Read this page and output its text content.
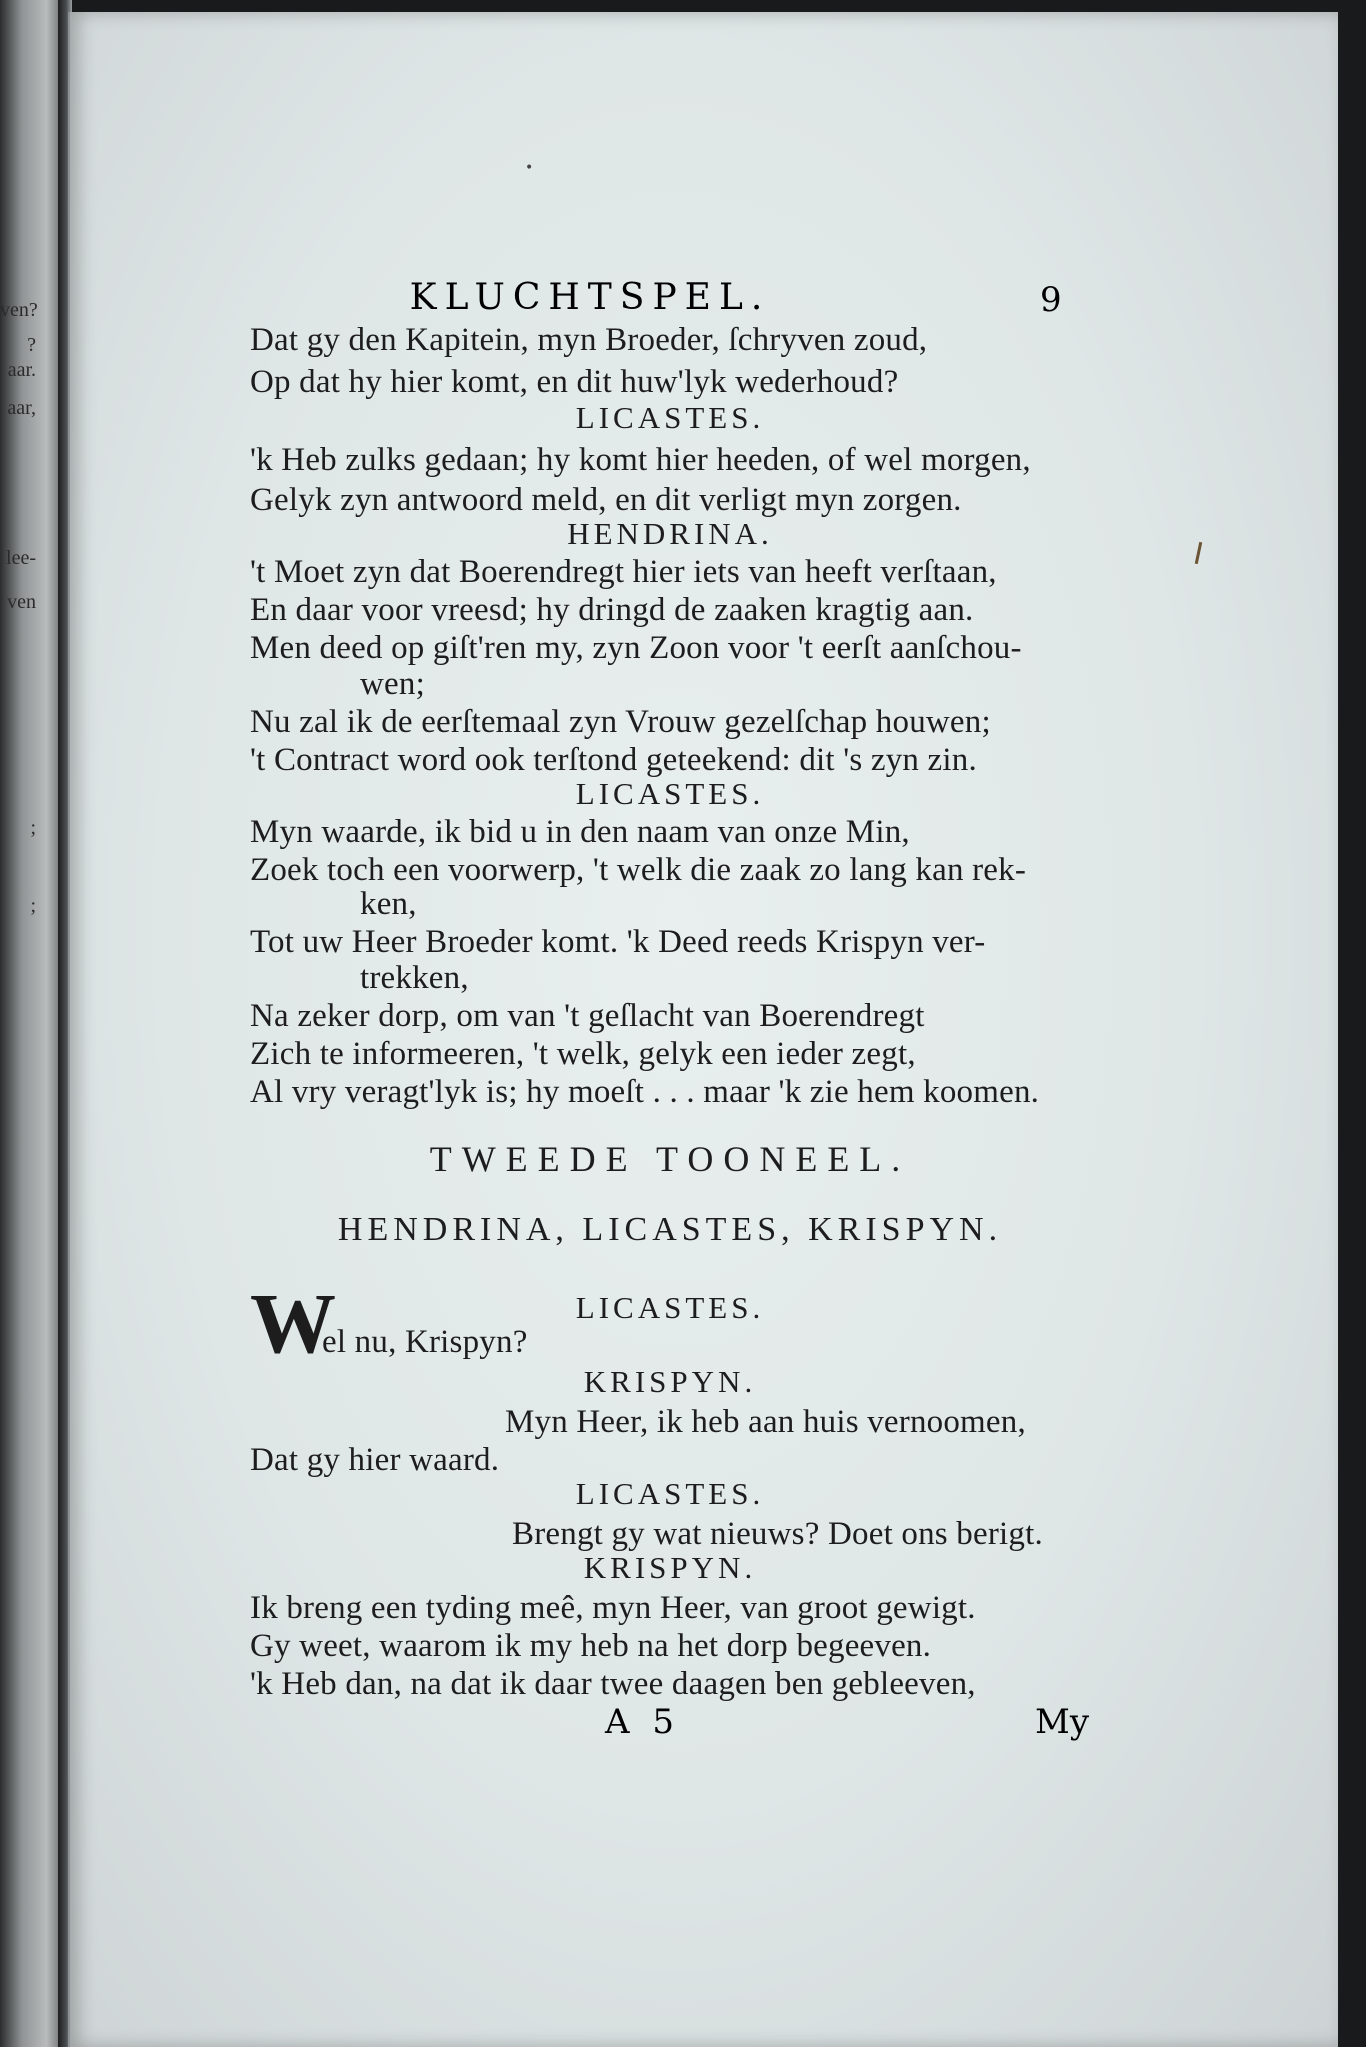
ven?
?
aar.
aar,
lee-
ven
;
;
•
KLUCHTSPEL.	9
Dat gy den Kapitein, myn Broeder, ſchryven zoud,
Op dat hy hier komt, en dit huw'lyk wederhoud?
LICASTES.
'k Heb zulks gedaan; hy komt hier heeden, of wel morgen,
Gelyk zyn antwoord meld, en dit verligt myn zorgen.
HENDRINA.
't Moet zyn dat Boerendregt hier iets van heeft verſtaan,
En daar voor vreesd; hy dringd de zaaken kragtig aan.
Men deed op giſt'ren my, zyn Zoon voor 't eerſt aanſchou-
wen;
Nu zal ik de eerſtemaal zyn Vrouw gezelſchap houwen;
't Contract word ook terſtond geteekend: dit 's zyn zin.
LICASTES.
Myn waarde, ik bid u in den naam van onze Min,
Zoek toch een voorwerp, 't welk die zaak zo lang kan rek-
ken,
Tot uw Heer Broeder komt. 'k Deed reeds Krispyn ver-
trekken,
Na zeker dorp, om van 't geſlacht van Boerendregt
Zich te informeeren, 't welk, gelyk een ieder zegt,
Al vry veragt'lyk is; hy moeſt . . . maar 'k zie hem koomen.
TWEEDE TOONEEL.
HENDRINA, LICASTES, KRISPYN.
W	LICASTES.
el nu, Krispyn?
KRISPYN.
Myn Heer, ik heb aan huis vernoomen,
Dat gy hier waard.
LICASTES.
Brengt gy wat nieuws? Doet ons berigt.
KRISPYN.
Ik breng een tyding meê, myn Heer, van groot gewigt.
Gy weet, waarom ik my heb na het dorp begeeven.
'k Heb dan, na dat ik daar twee daagen ben gebleeven,
A 5	My
